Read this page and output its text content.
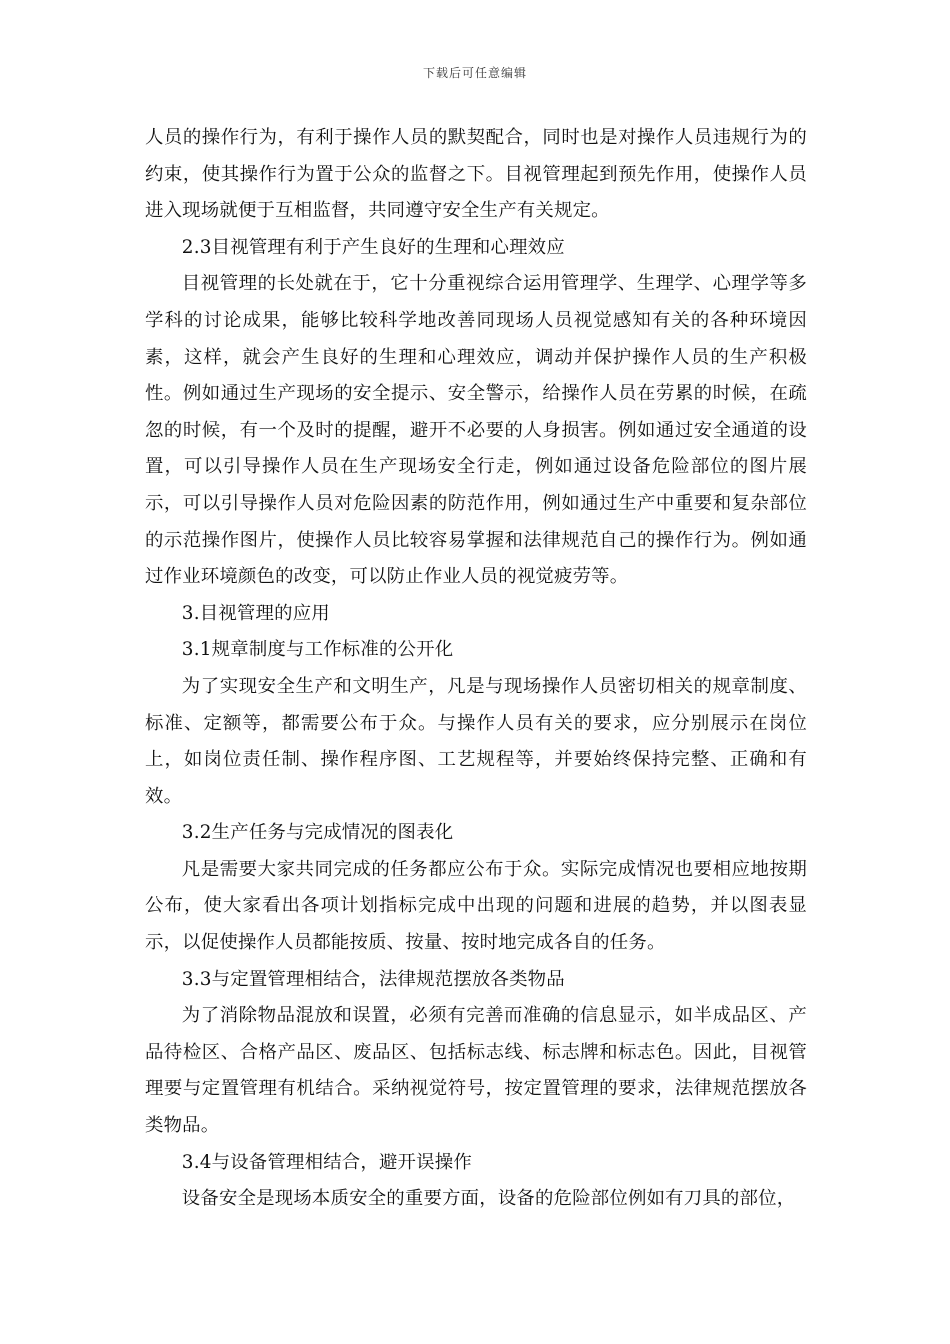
下载后可任意编辑

人员的操作行为，有利于操作人员的默契配合，同时也是对操作人员违规行为的约束，使其操作行为置于公众的监督之下。目视管理起到预先作用，使操作人员进入现场就便于互相监督，共同遵守安全生产有关规定。

2.3目视管理有利于产生良好的生理和心理效应

目视管理的长处就在于，它十分重视综合运用管理学、生理学、心理学等多学科的讨论成果，能够比较科学地改善同现场人员视觉感知有关的各种环境因素，这样，就会产生良好的生理和心理效应，调动并保护操作人员的生产积极性。例如通过生产现场的安全提示、安全警示，给操作人员在劳累的时候，在疏忽的时候，有一个及时的提醒，避开不必要的人身损害。例如通过安全通道的设置，可以引导操作人员在生产现场安全行走，例如通过设备危险部位的图片展示，可以引导操作人员对危险因素的防范作用，例如通过生产中重要和复杂部位的示范操作图片，使操作人员比较容易掌握和法律规范自己的操作行为。例如通过作业环境颜色的改变，可以防止作业人员的视觉疲劳等。

3.目视管理的应用
3.1规章制度与工作标准的公开化

为了实现安全生产和文明生产，凡是与现场操作人员密切相关的规章制度、标准、定额等，都需要公布于众。与操作人员有关的要求，应分别展示在岗位上，如岗位责任制、操作程序图、工艺规程等，并要始终保持完整、正确和有效。

3.2生产任务与完成情况的图表化

凡是需要大家共同完成的任务都应公布于众。实际完成情况也要相应地按期公布，使大家看出各项计划指标完成中出现的问题和进展的趋势，并以图表显示，以促使操作人员都能按质、按量、按时地完成各自的任务。

3.3与定置管理相结合，法律规范摆放各类物品

为了消除物品混放和误置，必须有完善而准确的信息显示，如半成品区、产品待检区、合格产品区、废品区、包括标志线、标志牌和标志色。因此，目视管理要与定置管理有机结合。采纳视觉符号，按定置管理的要求，法律规范摆放各类物品。

3.4与设备管理相结合，避开误操作

设备安全是现场本质安全的重要方面，设备的危险部位例如有刀具的部位，
